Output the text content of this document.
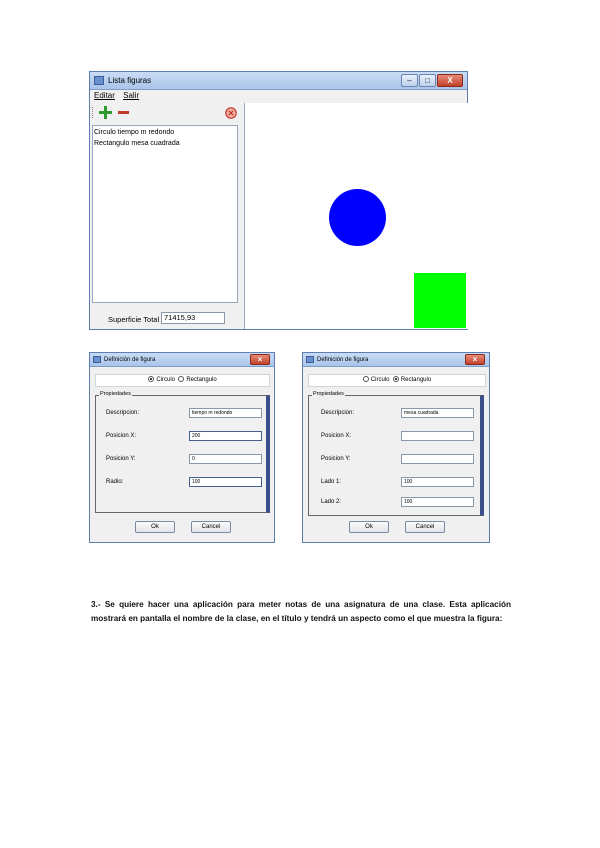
Lista figuras	–	□	X
Editar Salir
Circulo tiempo m redondo
Rectangulo mesa cuadrada
Superficie Total 71415,93
Definición de figura	×
Circulo Rectangulo
Propiedades
Descripcion:	tiempo m redondo
Posicion X:	200
Posicion Y:	0
Radio:	100
Ok	Cancel
Definición de figura	×
Circulo Rectangulo
Propiedades
Descripcion:	mesa cuadrada
Posicion X:
Posicion Y:
Lado 1:	100
Lado 2:	100
Ok	Cancel
3.- Se quiere hacer una aplicación para meter notas de una asignatura de una clase. Esta aplicación mostrará en pantalla el nombre de la clase, en el título y tendrá un aspecto como el que muestra la figura:
